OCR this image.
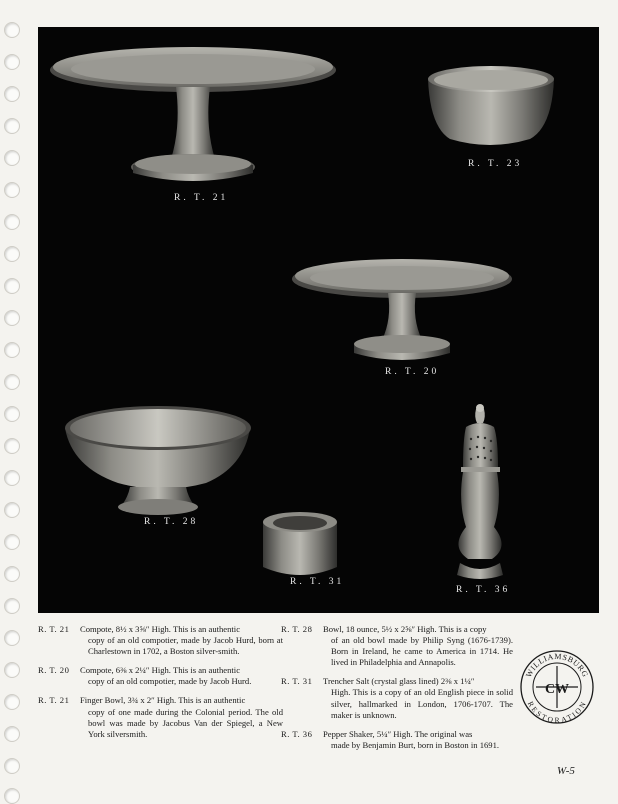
R. T. 21
R. T. 23
R. T. 20
R. T. 28
R. T. 31
R. T. 36
R. T. 21 Compote, 8½ x 3⅝″ High. This is an authentic
copy of an old compotier, made by Jacob Hurd, born at Charlestown in 1702, a Boston silver-smith.
R. T. 20 Compote, 6⅜ x 2¼″ High. This is an authentic
copy of an old compotier, made by Jacob Hurd.
R. T. 21 Finger Bowl, 3¾ x 2″ High. This is an authentic
copy of one made during the Colonial period. The old bowl was made by Jacobus Van der Spiegel, a New York silversmith.
R. T. 28 Bowl, 18 ounce, 5½ x 2⅝″ High. This is a copy
of an old bowl made by Philip Syng (1676-1739). Born in Ireland, he came to America in 1714. He lived in Philadelphia and Annapolis.
R. T. 31 Trencher Salt (crystal glass lined) 2⅜ x 1¼″
High. This is a copy of an old English piece in solid silver, hallmarked in London, 1706-1707. The maker is unknown.
R. T. 36 Pepper Shaker, 5¼″ High. The original was
made by Benjamin Burt, born in Boston in 1691.
WILLIAMSBURG
RESTORATION
CW
W-5
